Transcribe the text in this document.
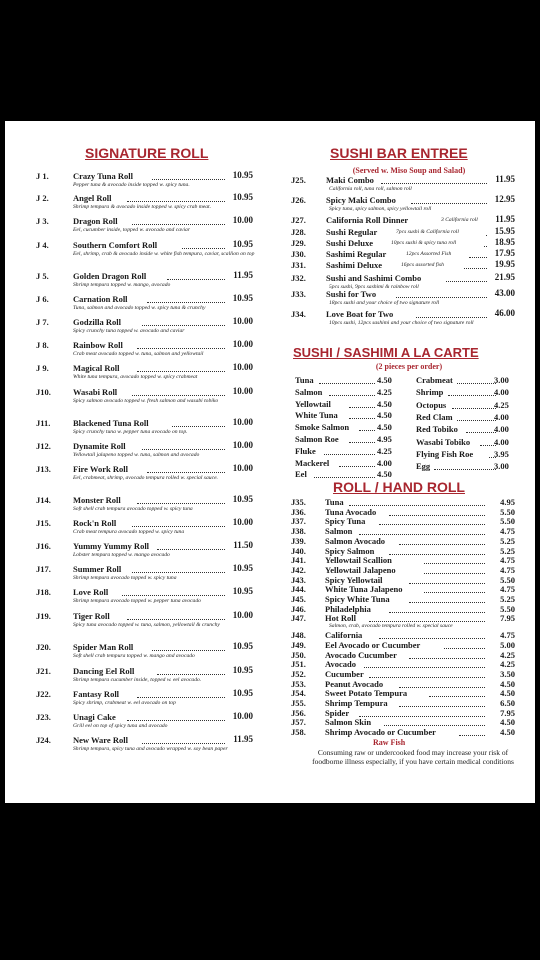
SIGNATURE ROLL
J 1.	Crazy Tuna Roll	10.95
Pepper tuna & avocado inside topped w. spicy tuna.
J 2.	Angel Roll	10.95
Shrimp tempura & avocado inside topped w. spicy crab meat.
J 3.	Dragon Roll	10.00
Eel, cucumber inside, topped w. avocado and caviar
J 4.	Southern Comfort Roll	10.95
Eel, shrimp, crab & avocado inside w. white fish tempura, caviar, scallion on top
J 5.	Golden Dragon Roll	11.95
Shrimp tempura topped w. mango, avocado
J 6.	Carnation Roll	10.95
Tuna, salmon and avocado topped w. spicy tuna & crunchy
J 7.	Godzilla Roll	10.00
Spicy crunchy tuna topped w. avocado and caviar
J 8.	Rainbow Roll	10.00
Crab meat avocado topped w. tuna, salmon and yellowtail
J 9.	Magical Roll	10.00
White tuna tempura, avocado topped w. spicy crabmeat
J10.	Wasabi Roll	10.00
Spicy salmon avocado topped w. fresh salmon and wasabi tobiko
J11.	Blackened Tuna Roll	10.00
Spicy crunchy tuna w. pepper tuna avocado on top.
J12.	Dynamite Roll	10.00
Yellowtail jalapeno topped w. tuna, salmon and avocado
J13.	Fire Work Roll	10.00
Eel, crabmeat, shrimp, avocado tempura rolled w. special sauce.
J14.	Monster Roll	10.95
Soft shell crab tempura avocado topped w. spicy tuna
J15.	Rock'n Roll	10.00
Crab meat tempura avocado topped w. spicy tuna
J16.	Yummy Yummy Roll	11.50
Lobster tempura topped w. mango avocado
J17.	Summer Roll	10.95
Shrimp tempura avocado topped w. spicy tuna
J18.	Love Roll	10.95
Shrimp tempura avocado topped w. pepper tuna avocado
J19.	Tiger Roll	10.00
Spicy tuna avocado topped w. tuna, salmon, yellowtail & crunchy
J20.	Spider Man Roll	10.95
Soft shell crab tempura topped w. mango and avocado
J21.	Dancing Eel Roll	10.95
Shrimp tempura cucumber inside, topped w. eel avocado.
J22.	Fantasy Roll	10.95
Spicy shrimp, crabmeat w. eel avocado on top
J23.	Unagi Cake	10.00
Grill eel on top of spicy tuna and avocado
J24.	New Ware Roll	11.95
Shrimp tempura, spicy tuna and avocado wrapped w. soy bean paper
SUSHI BAR ENTREE
(Served w. Miso Soup and Salad)
J25. Maki Combo	11.95
California roll, tuna roll, salmon roll
J26. Spicy Maki Combo	12.95
Spicy tuna, spicy salmon, spicy yellowtail roll
J27. California Roll Dinner	3 California roll 11.95
J28. Sushi Regular	7pcs sushi & California roll	15.95
J29. Sushi Deluxe	10pcs sushi & spicy tuna roll	18.95
J30. Sashimi Regular	12pcs Assorted Fish	17.95
J31. Sashimi Deluxe	16pcs assorted fish	19.95
J32. Sushi and Sashimi Combo	21.95
5pcs sushi, 9pcs sashimi & rainbow roll
J33. Sushi for Two	43.00
18pcs sushi and your choice of two signature roll
J34. Love Boat for Two	46.00
10pcs sushi, 12pcs sashimi and your choice of two signature roll
SUSHI / SASHIMI A LA CARTE
(2 pieces per order)
Tuna	4.50
Salmon	4.25
Yellowtail	4.50
White Tuna	4.50
Smoke Salmon	4.50
Salmon Roe	4.95
Fluke	4.25
Mackerel	4.00
Eel	4.50
Crabmeat	3.00
Shrimp	4.00
Octopus	4.25
Red Clam	4.00
Red Tobiko	4.00
Wasabi Tobiko	4.00
Flying Fish Roe 3.95
Egg	3.00
ROLL / HAND ROLL
J35. Tuna	4.95
J36. Tuna Avocado	5.50
J37. Spicy Tuna	5.50
J38. Salmon	4.75
J39. Salmon Avocado	5.25
J40. Spicy Salmon	5.25
J41. Yellowtail Scallion	4.75
J42. Yellowtail Jalapeno	4.75
J43. Spicy Yellowtail	5.50
J44. White Tuna Jalapeno	4.75
J45. Spicy White Tuna	5.25
J46. Philadelphia	5.50
J47. Hot Roll	7.95
Salmon, crab, avocado tempura rolled w. special sauce
J48. California	4.75
J49. Eel Avocado or Cucumber	5.00
J50. Avocado Cucumber	4.25
J51. Avocado	4.25
J52. Cucumber	3.50
J53. Peanut Avocado	4.50
J54. Sweet Potato Tempura	4.50
J55. Shrimp Tempura	6.50
J56. Spider	7.95
J57. Salmon Skin	4.50
J58. Shrimp Avocado or Cucumber	4.50
Raw Fish
Consuming raw or undercooked food may increase your risk of foodborne illness especially, if you have certain medical conditions
